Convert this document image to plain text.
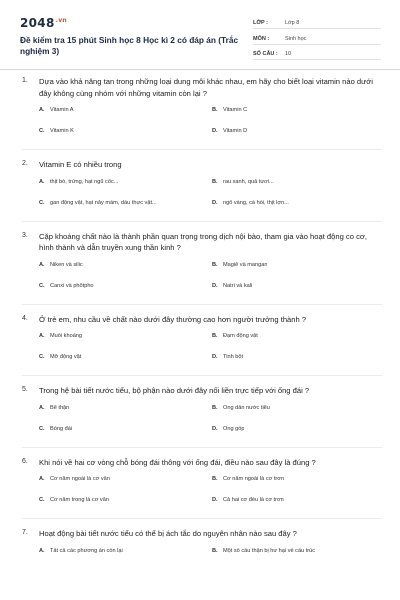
$2048^{.vn}$
Đề kiểm tra 15 phút Sinh học 8 Học kì 2 có đáp án (Trắc nghiệm 3)
LỚP :	Lớp 8
MÔN :	Sinh học
SỐ CÂU :	10
1.	Dựa vào khả năng tan trong những loại dung môi khác nhau, em hãy cho biết loại vitamin nào dưới đây không cùng nhóm với những vitamin còn lại ?
A. Vitamin A	B. Vitamin C
C. Vitamin K	D. Vitamin D
2.	Vitamin E có nhiều trong
A. thịt bò, trứng, hạt ngũ cốc...	B. rau xanh, quả tươi...
C. gan động vật, hạt nảy mầm, dầu thực vật...	D. ngô vàng, cá hồi, thịt lợn...
3.	Cặp khoáng chất nào là thành phần quan trọng trong dịch nội bào, tham gia vào hoạt động co cơ, hình thành và dẫn truyền xung thần kinh ?
A. Niken và silic	B. Magiê và mangan
C. Canxi và phôtpho	D. Natri và kali
4.	Ở trẻ em, nhu cầu về chất nào dưới đây thường cao hơn người trưởng thành ?
A. Muối khoáng	B. Đạm động vật
C. Mỡ động vật	D. Tinh bột
5.	Trong hệ bài tiết nước tiểu, bộ phận nào dưới đây nối liền trực tiếp với ống đái ?
A. Bể thận	B. Ống dẫn nước tiểu
C. Bóng đái	D. Ống góp
6.	Khi nói về hai cơ vòng chỗ bóng đái thông với ống đái, điều nào sau đây là đúng ?
A. Cơ nằm ngoài là cơ vân	B. Cơ nằm ngoài là cơ trơn
C. Cơ nằm trong là cơ vân	D. Cả hai cơ đều là cơ trơn
7.	Hoạt động bài tiết nước tiểu có thể bị ách tắc do nguyên nhân nào sau đây ?
A. Tất cả các phương án còn lại	B. Một số cầu thận bị hư hại về cấu trúc
